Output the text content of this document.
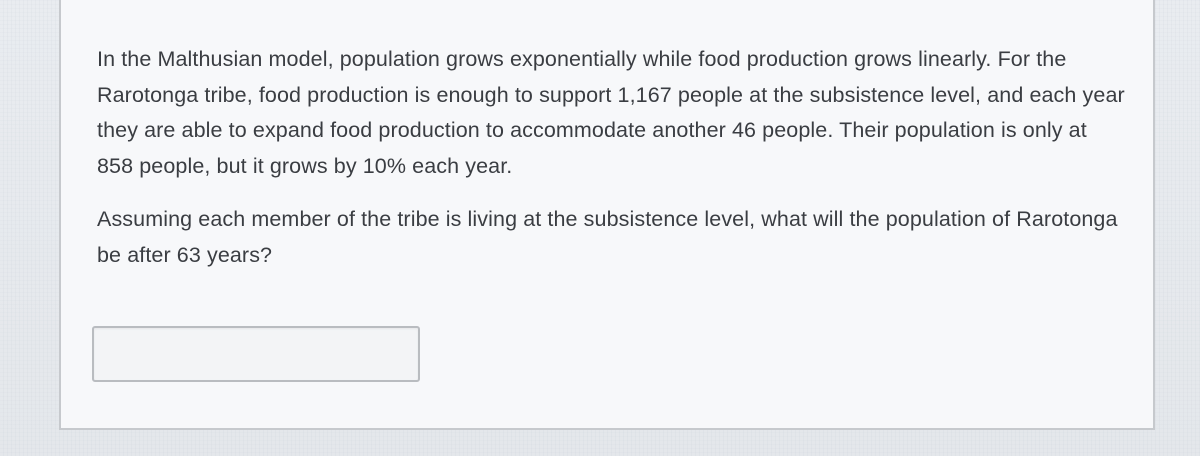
In the Malthusian model, population grows exponentially while food production grows linearly. For the Rarotonga tribe, food production is enough to support 1,167 people at the subsistence level, and each year they are able to expand food production to accommodate another 46 people. Their population is only at 858 people, but it grows by 10% each year.

Assuming each member of the tribe is living at the subsistence level, what will the population of Rarotonga be after 63 years?
